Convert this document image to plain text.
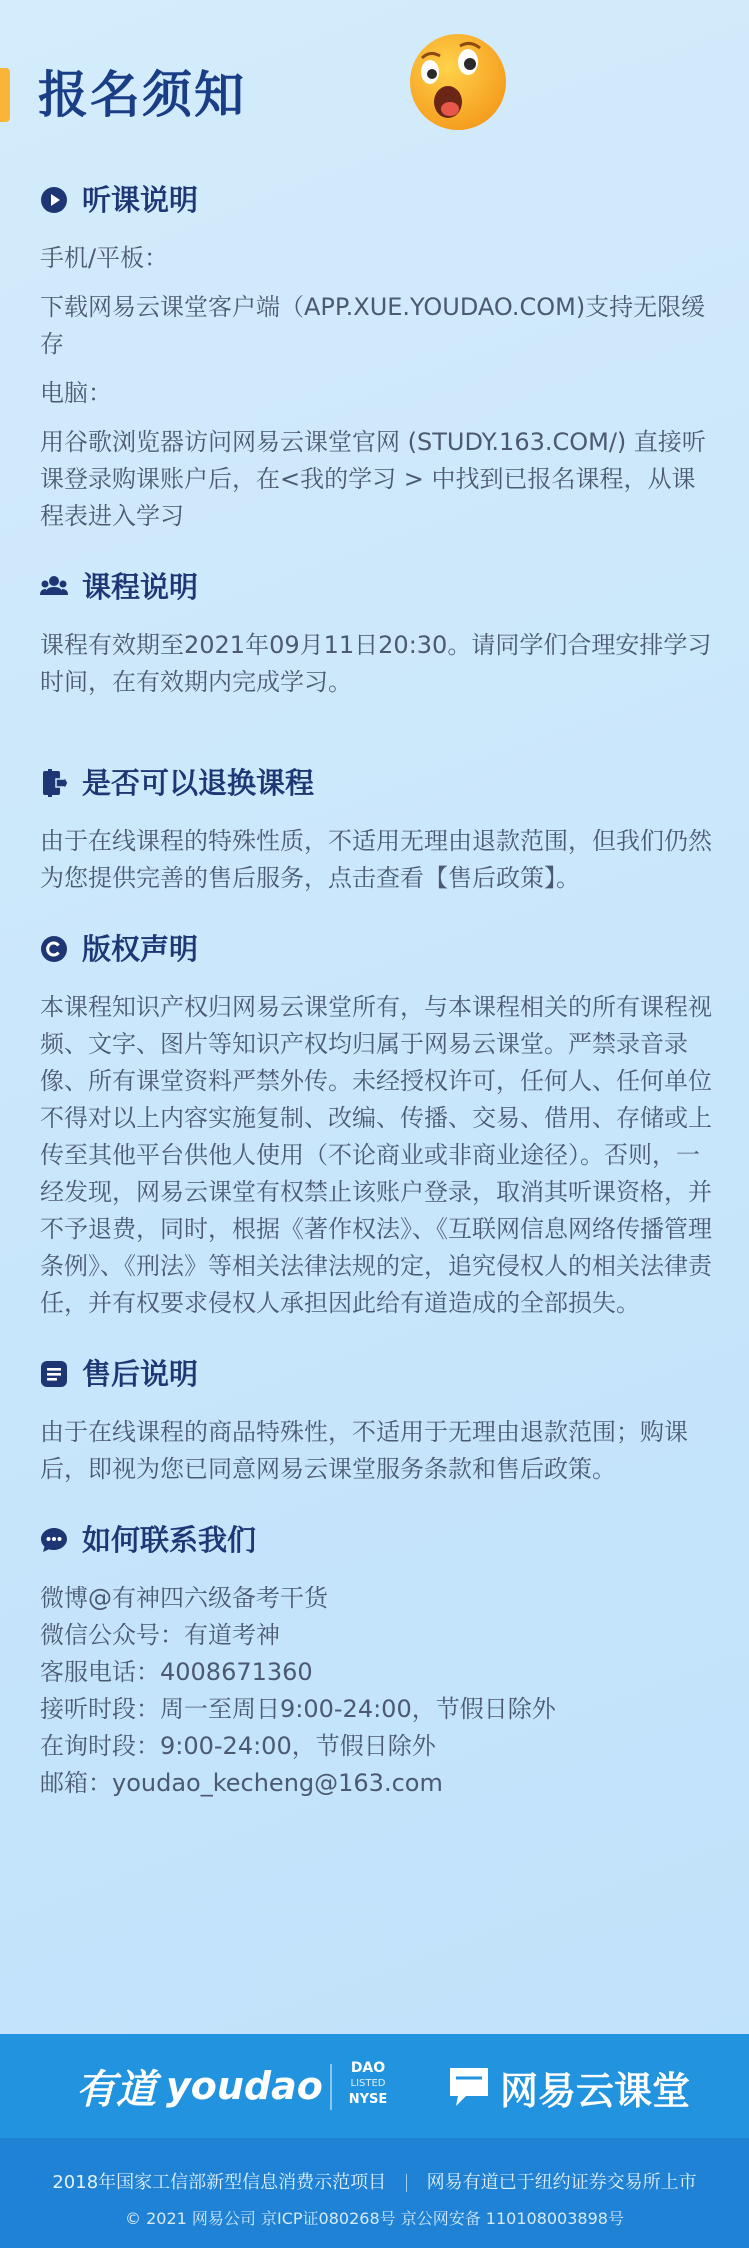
报名须知
听课说明

手机/平板：

下载网易云课堂客户端（APP.XUE.YOUDAO.COM)支持无限缓存

电脑：

用谷歌浏览器访问网易云课堂官网 (STUDY.163.COM/) 直接听课登录购课账户后，在<我的学习 > 中找到已报名课程，从课程表进入学习

课程说明

课程有效期至2021年09月11日20:30。请同学们合理安排学习时间，在有效期内完成学习。

是否可以退换课程

由于在线课程的特殊性质，不适用无理由退款范围，但我们仍然为您提供完善的售后服务，点击查看【售后政策】。

版权声明

本课程知识产权归网易云课堂所有，与本课程相关的所有课程视频、文字、图片等知识产权均归属于网易云课堂。严禁录音录像、所有课堂资料严禁外传。未经授权许可，任何人、任何单位不得对以上内容实施复制、改编、传播、交易、借用、存储或上传至其他平台供他人使用（不论商业或非商业途径）。否则，一经发现，网易云课堂有权禁止该账户登录，取消其听课资格，并不予退费，同时，根据《著作权法》、《互联网信息网络传播管理条例》、《刑法》等相关法律法规的定，追究侵权人的相关法律责任，并有权要求侵权人承担因此给有道造成的全部损失。

售后说明

由于在线课程的商品特殊性，不适用于无理由退款范围；购课后，即视为您已同意网易云课堂服务条款和售后政策。

如何联系我们

微博@有神四六级备考干货

微信公众号：有道考神

客服电话：4008671360

接听时段：周一至周日9:00-24:00，节假日除外

在询时段：9:00-24:00，节假日除外

邮箱：youdao_kecheng@163.com

有道 youdao	DAO
LISTED
NYSE	网易云课堂
2018年国家工信部新型信息消费示范项目 网易有道已于纽约证券交易所上市
© 2021 网易公司 京ICP证080268号 京公网安备 11010800389​8号
